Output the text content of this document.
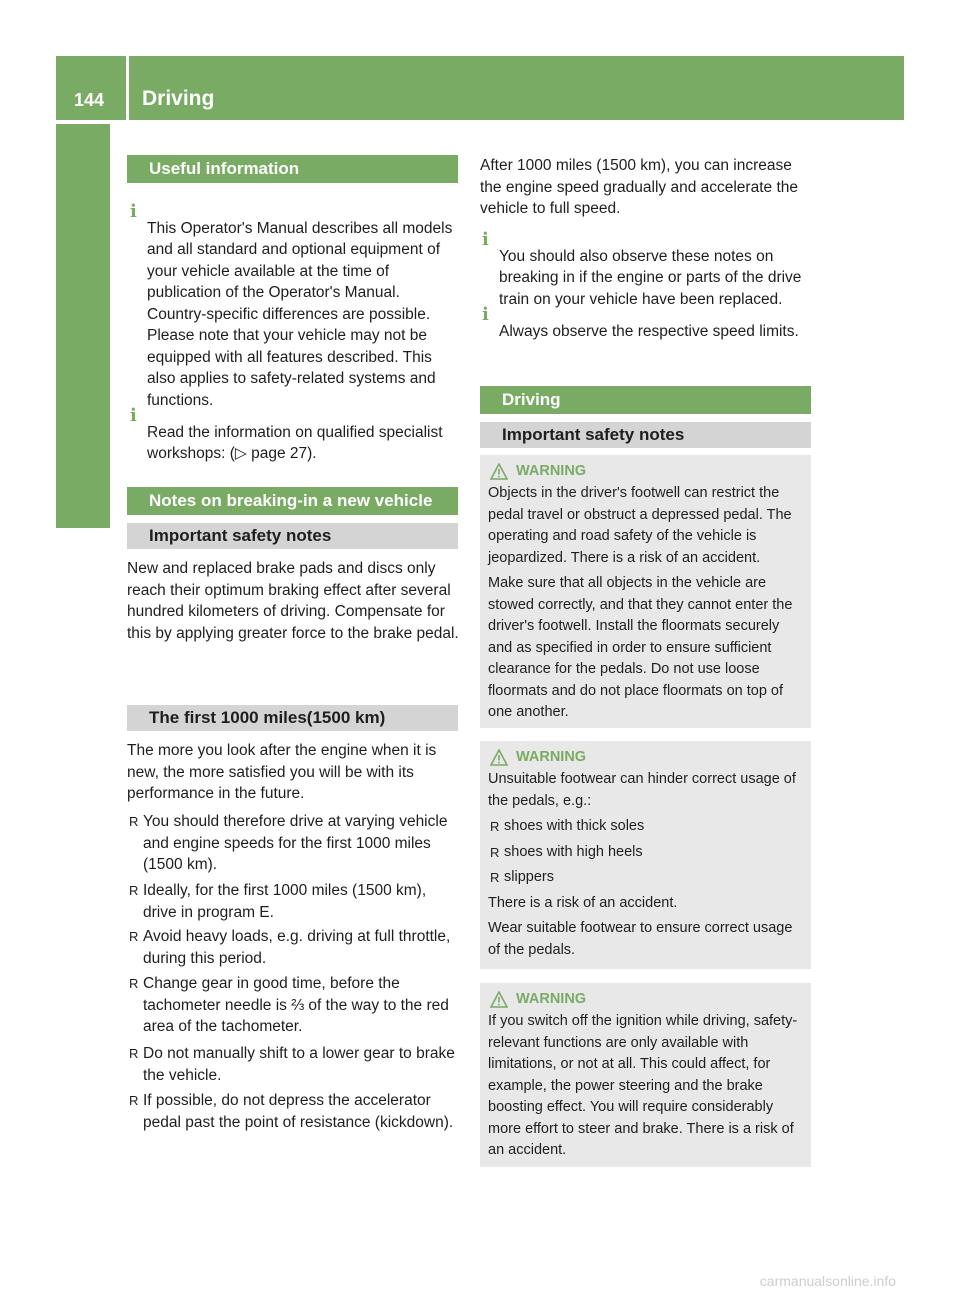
144	Driving
Driving and parking
Useful information
i

This Operator's Manual describes all models and all standard and optional equipment of your vehicle available at the time of publication of the Operator's Manual. Country-specific differences are possible. Please note that your vehicle may not be equipped with all features described. This also applies to safety-related systems and functions.

i

Read the information on qualified specialist workshops: (▷ page 27).

Notes on breaking-in a new vehicle
Important safety notes
New and replaced brake pads and discs only reach their optimum braking effect after several hundred kilometers of driving. Compensate for this by applying greater force to the brake pedal.
The first 1000 miles(1500 km)
The more you look after the engine when it is new, the more satisfied you will be with its performance in the future.
R You should therefore drive at varying vehicle and engine speeds for the first 1000 miles (1500 km).
R Ideally, for the first 1000 miles (1500 km), drive in program E.
R Avoid heavy loads, e.g. driving at full throttle, during this period.
R Change gear in good time, before the tachometer needle is ⅔ of the way to the red area of the tachometer.
R Do not manually shift to a lower gear to brake the vehicle.
R If possible, do not depress the accelerator pedal past the point of resistance (kickdown).
After 1000 miles (1500 km), you can increase the engine speed gradually and accelerate the vehicle to full speed.
i

You should also observe these notes on breaking in if the engine or parts of the drive train on your vehicle have been replaced.

i

Always observe the respective speed limits.

Driving
Important safety notes
WARNING

Objects in the driver's footwell can restrict the pedal travel or obstruct a depressed pedal. The operating and road safety of the vehicle is jeopardized. There is a risk of an accident.

Make sure that all objects in the vehicle are stowed correctly, and that they cannot enter the driver's footwell. Install the floormats securely and as specified in order to ensure sufficient clearance for the pedals. Do not use loose floormats and do not place floormats on top of one another.

WARNING

Unsuitable footwear can hinder correct usage of the pedals, e.g.:

R shoes with thick soles
R shoes with high heels
R slippers

There is a risk of an accident.

Wear suitable footwear to ensure correct usage of the pedals.

WARNING

If you switch off the ignition while driving, safety-relevant functions are only available with limitations, or not at all. This could affect, for example, the power steering and the brake boosting effect. You will require considerably more effort to steer and brake. There is a risk of an accident.

carmanualsonline.info
